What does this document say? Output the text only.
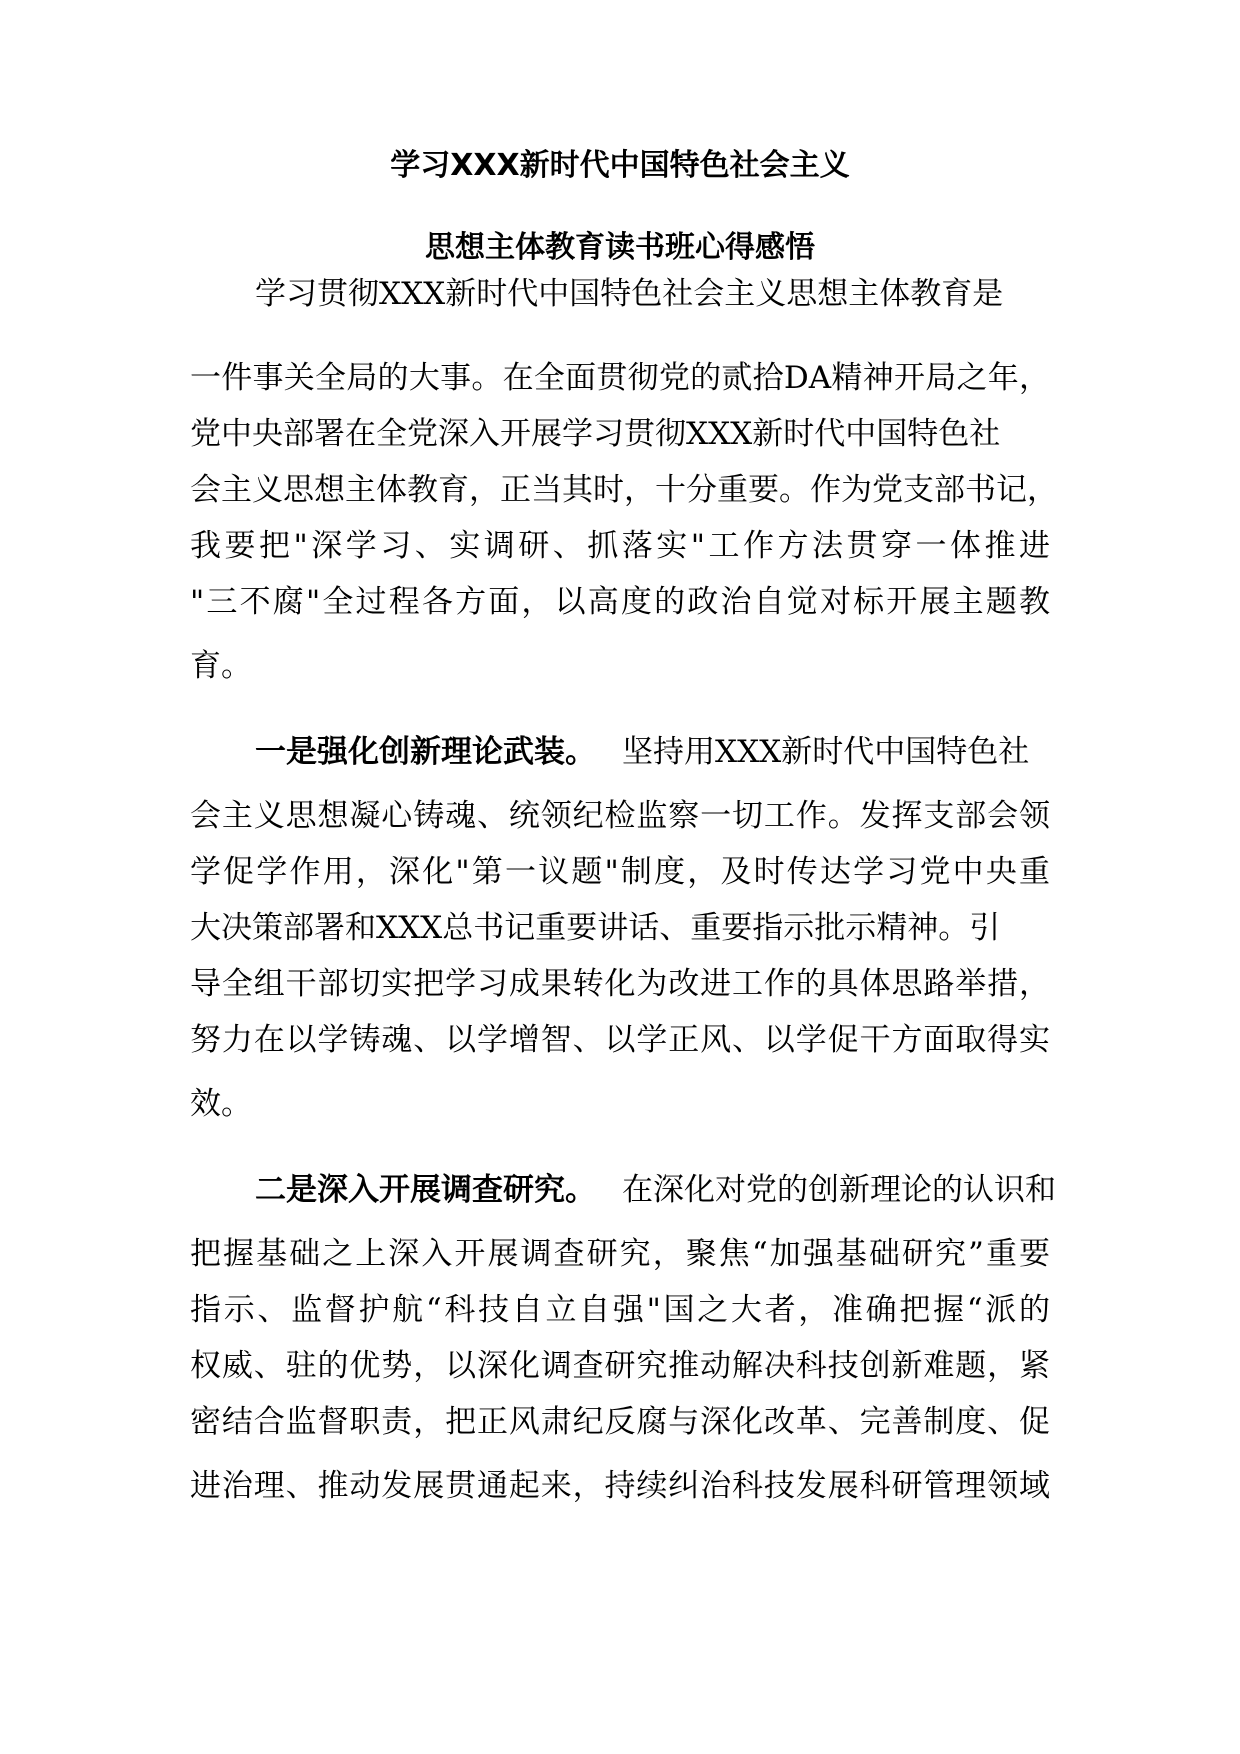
学习XXX新时代中国特色社会主义
思想主体教育读书班心得感悟
学习贯彻XXX新时代中国特色社会主义思想主体教育是
一件事关全局的大事。在全面贯彻党的贰拾DA精神开局之年，
党中央部署在全党深入开展学习贯彻XXX新时代中国特色社
会主义思想主体教育，正当其时，十分重要。作为党支部书记，
我要把"深学习、实调研、抓落实"工作方法贯穿一体推进
"三不腐"全过程各方面，以高度的政治自觉对标开展主题教
育。
一是强化创新理论武装。 坚持用XXX新时代中国特色社
会主义思想凝心铸魂、统领纪检监察一切工作。发挥支部会领
学促学作用，深化"第一议题"制度，及时传达学习党中央重
大决策部署和XXX总书记重要讲话、重要指示批示精神。引
导全组干部切实把学习成果转化为改进工作的具体思路举措，
努力在以学铸魂、以学增智、以学正风、以学促干方面取得实
效。
二是深入开展调查研究。 在深化对党的创新理论的认识和
把握基础之上深入开展调查研究，聚焦“加强基础研究”重要
指示、监督护航“科技自立自强"国之大者，准确把握“派的
权威、驻的优势，以深化调查研究推动解决科技创新难题，紧
密结合监督职责，把正风肃纪反腐与深化改革、完善制度、促
进治理、推动发展贯通起来，持续纠治科技发展科研管理领域
